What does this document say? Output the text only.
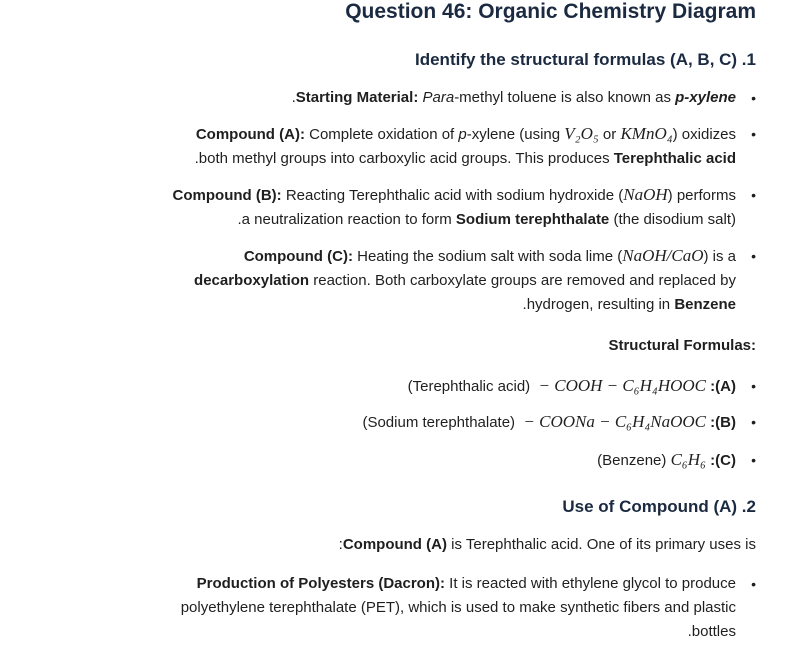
Question 46: Organic Chemistry Diagram
Identify the structural formulas (A, B, C) .1
.Starting Material: Para-methyl toluene is also known as p-xylene •
Compound (A): Complete oxidation of p-xylene (using V₂O₅ or KMnO₄) oxidizes
.both methyl groups into carboxylic acid groups. This produces Terephthalic acid
•
Compound (B): Reacting Terephthalic acid with sodium hydroxide (NaOH) performs
.a neutralization reaction to form Sodium terephthalate (the disodium salt)
•
Compound (C): Heating the sodium salt with soda lime (NaOH/CaO) is a
decarboxylation reaction. Both carboxylate groups are removed and replaced by
.hydrogen, resulting in Benzene
•
:Structural Formulas
(Terephthalic acid) − COOH − C₆H₄HOOC :(A) •
(Sodium terephthalate) − COONa − C₆H₄NaOOC :(B) •
(Benzene) C₆H₆ :(C) •
Use of Compound (A) .2
:Compound (A) is Terephthalic acid. One of its primary uses is
Production of Polyesters (Dacron): It is reacted with ethylene glycol to produce
polyethylene terephthalate (PET), which is used to make synthetic fibers and plastic
.bottles
•
